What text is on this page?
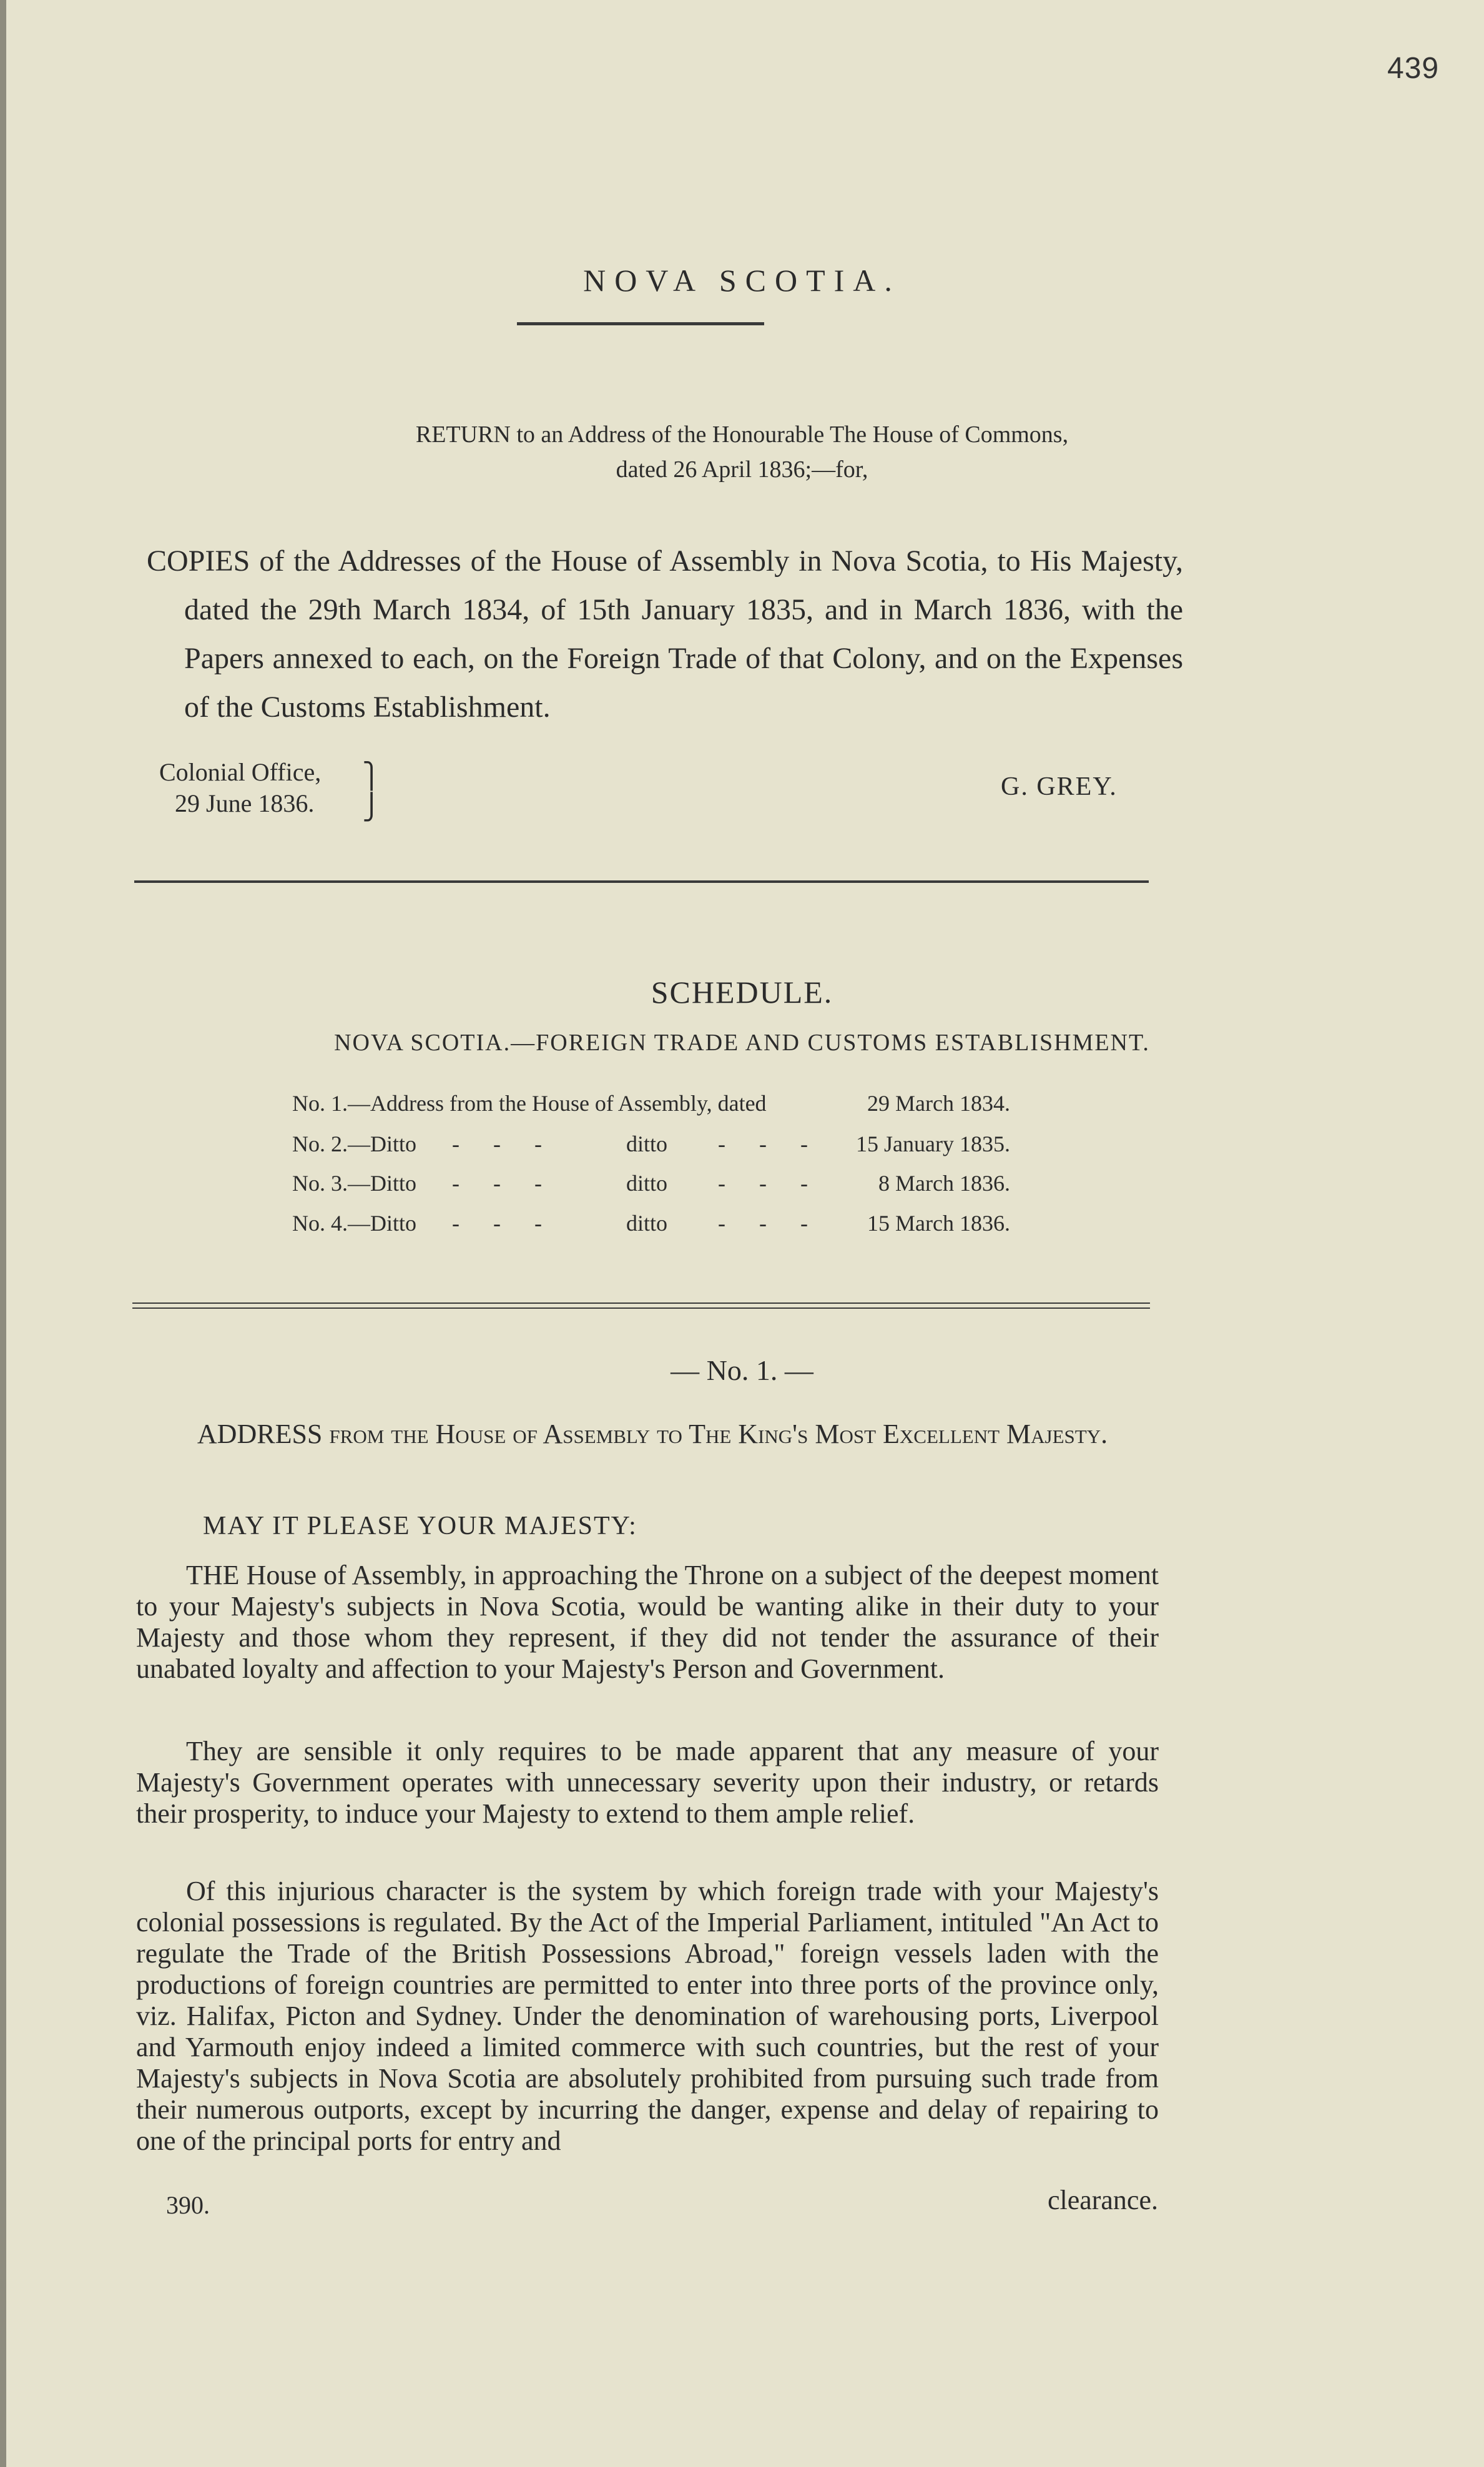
439
NOVA SCOTIA.
RETURN to an Address of the Honourable The House of Commons,
dated 26 April 1836;—for,
COPIES of the Addresses of the House of Assembly in Nova Scotia, to His Majesty, dated the 29th March 1834, of 15th January 1835, and in March 1836, with the Papers annexed to each, on the Foreign Trade of that Colony, and on the Expenses of the Customs Establishment.
Colonial Office,
29 June 1836.
⎫
⎭
G. GREY.
SCHEDULE.
NOVA SCOTIA.—FOREIGN TRADE AND CUSTOMS ESTABLISHMENT.
No. 1.—Address from the House of Assembly, dated	29 March 1834.
No. 2.—Ditto -      -      -	ditto -      -      - 15 January 1835.
No. 3.—Ditto -      -      -	ditto -      -      -	8 March 1836.
No. 4.—Ditto -      -      -	ditto -      -      -	15 March 1836.
— No. 1. —
ADDRESS from the House of Assembly to The King's Most Excellent Majesty.
MAY IT PLEASE YOUR MAJESTY:
THE House of Assembly, in approaching the Throne on a subject of the deepest moment to your Majesty's subjects in Nova Scotia, would be wanting alike in their duty to your Majesty and those whom they represent, if they did not tender the assurance of their unabated loyalty and affection to your Majesty's Person and Government.
They are sensible it only requires to be made apparent that any measure of your Majesty's Government operates with unnecessary severity upon their industry, or retards their prosperity, to induce your Majesty to extend to them ample relief.
Of this injurious character is the system by which foreign trade with your Majesty's colonial possessions is regulated. By the Act of the Imperial Parliament, intituled "An Act to regulate the Trade of the British Possessions Abroad," foreign vessels laden with the productions of foreign countries are permitted to enter into three ports of the province only, viz. Halifax, Picton and Sydney. Under the denomination of warehousing ports, Liverpool and Yarmouth enjoy indeed a limited commerce with such countries, but the rest of your Majesty's subjects in Nova Scotia are absolutely prohibited from pursuing such trade from their numerous outports, except by incurring the danger, expense and delay of repairing to one of the principal ports for entry and
390.	clearance.
